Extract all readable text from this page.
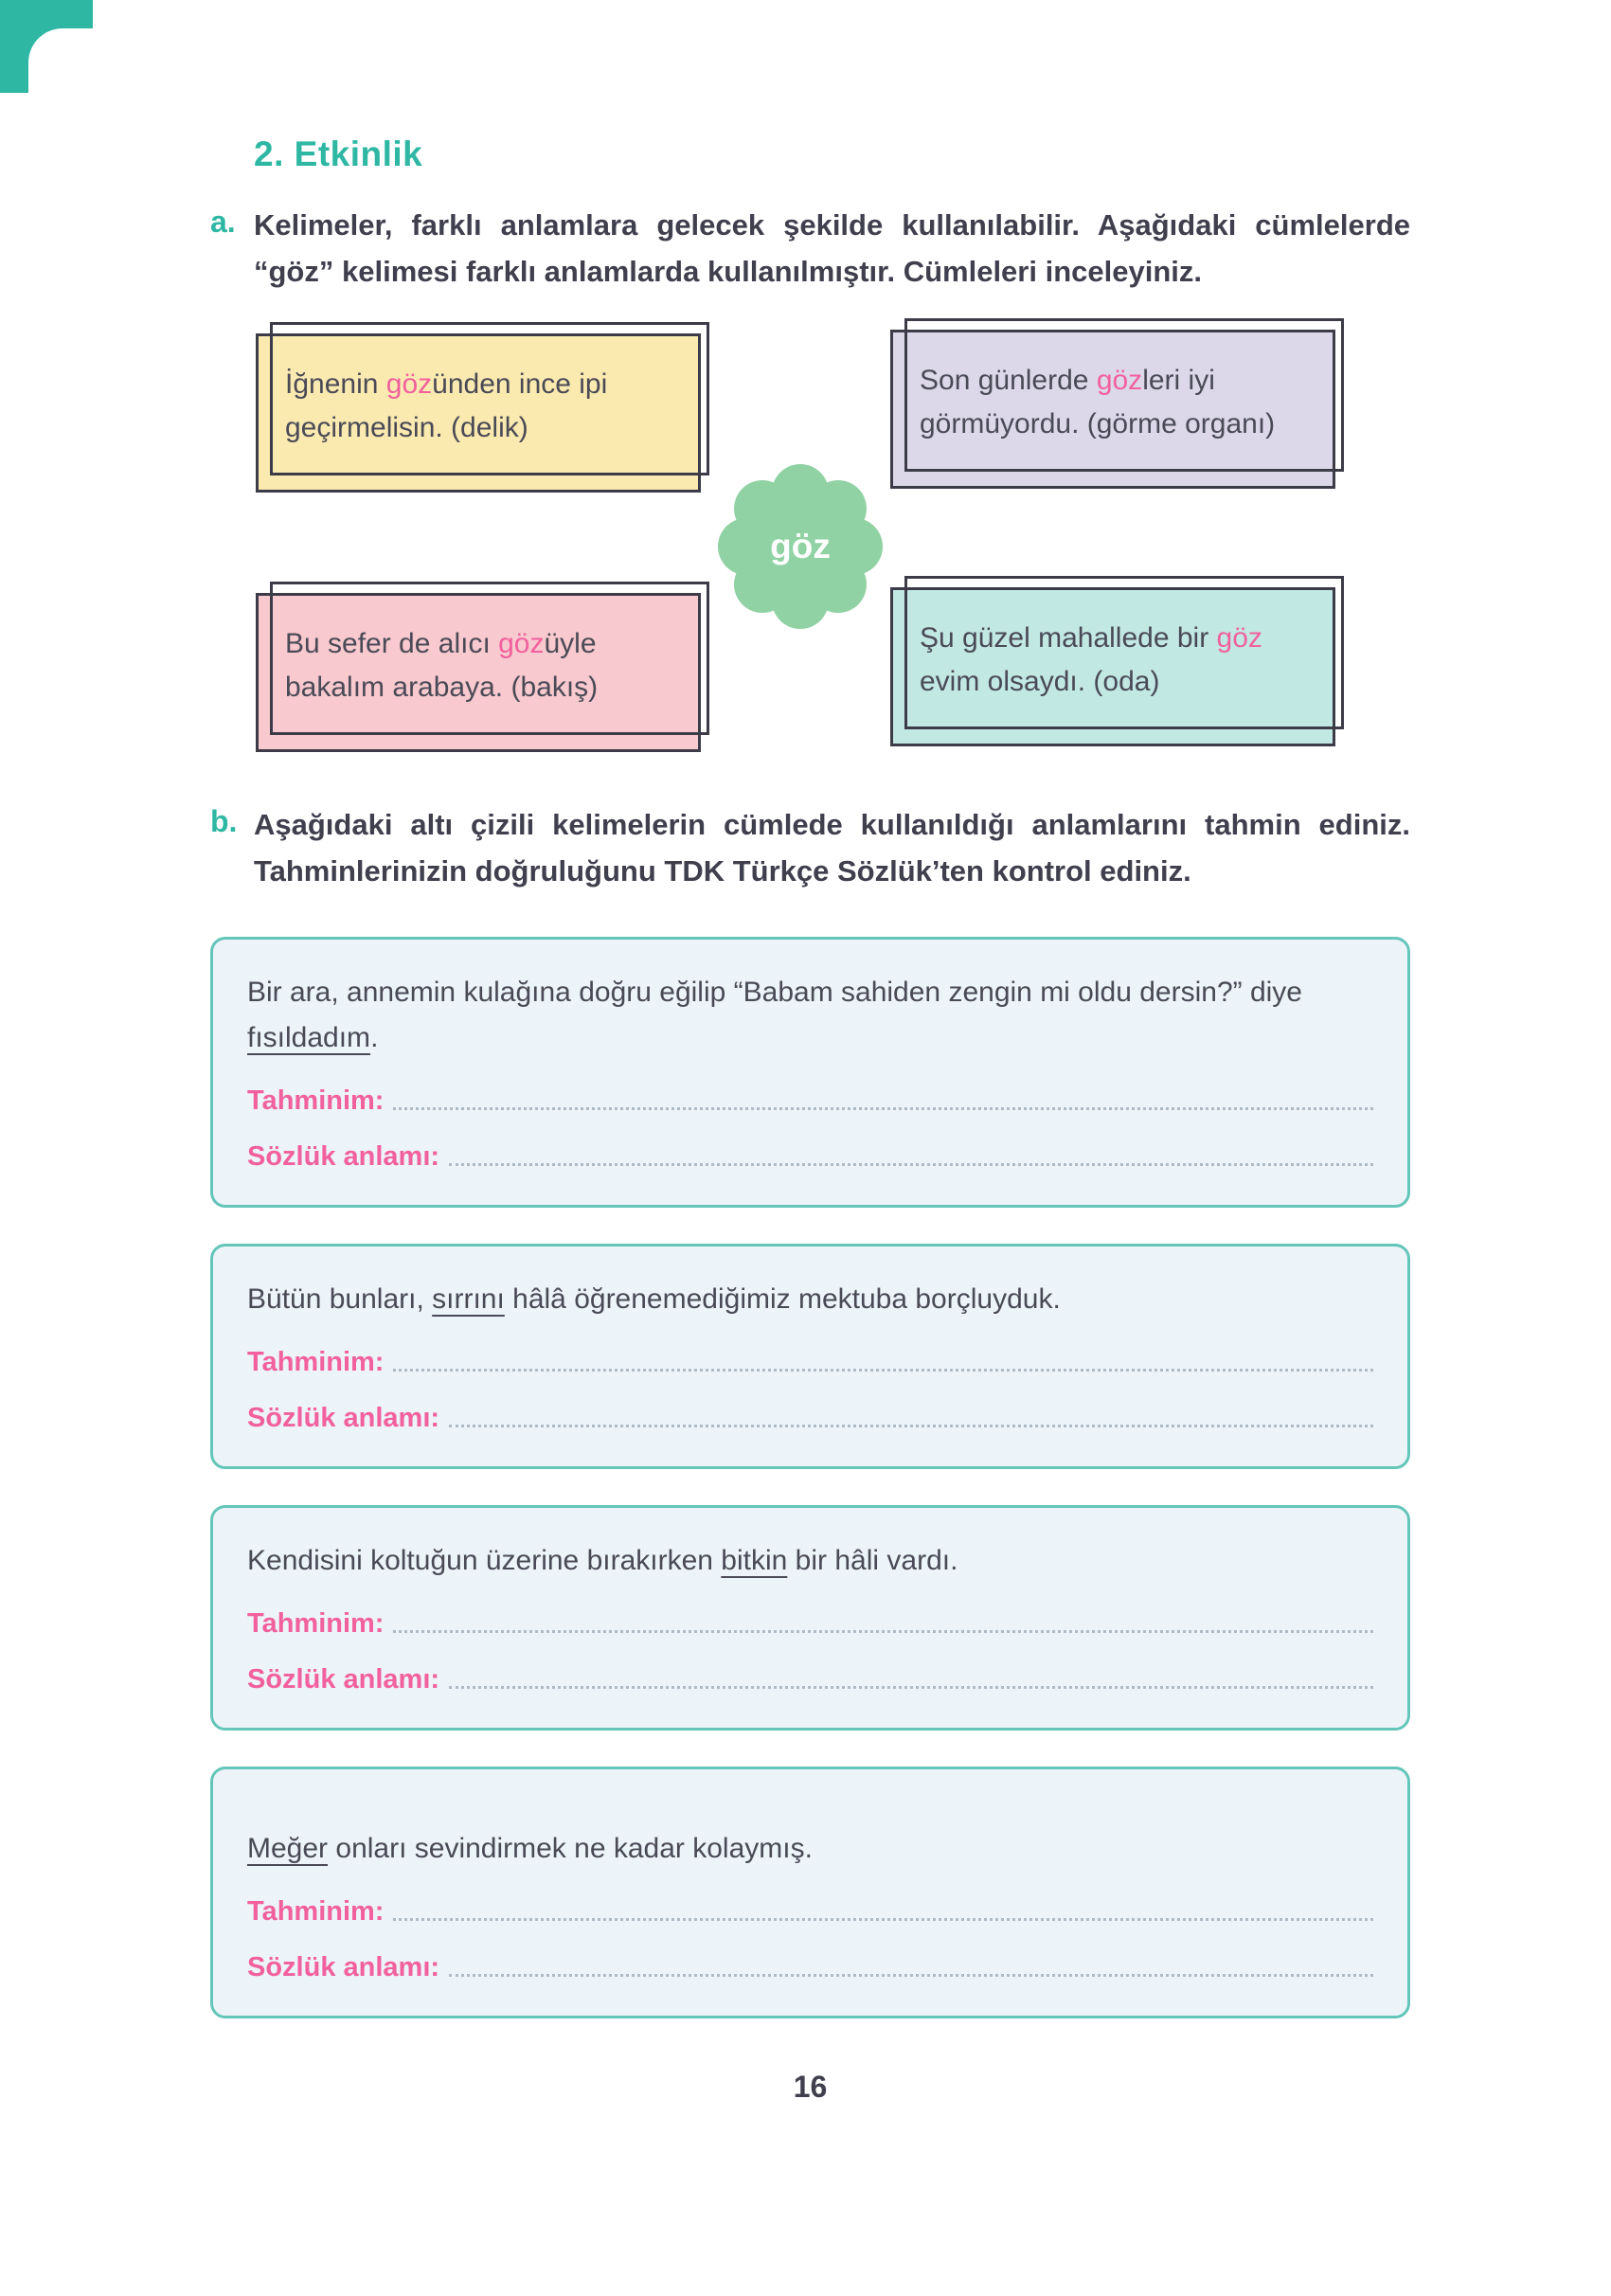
2. Etkinlik
a. Kelimeler, farklı anlamlara gelecek şekilde kullanılabilir. Aşağıdaki cümlelerde “göz” kelimesi farklı anlamlarda kullanılmıştır. Cümleleri inceleyiniz.

İğnenin gözünden ince ipi geçirmelisin. (delik)

Son günlerde gözleri iyi görmüyordu. (görme organı)

Bu sefer de alıcı gözüyle bakalım arabaya. (bakış)

Şu güzel mahallede bir göz evim olsaydı. (oda)

göz
b. Aşağıdaki altı çizili kelimelerin cümlede kullanıldığı anlamlarını tahmin ediniz. Tahminlerinizin doğruluğunu TDK Türkçe Sözlük’ten kontrol ediniz.

Bir ara, annemin kulağına doğru eğilip “Babam sahiden zengin mi oldu dersin?” diye fısıldadım.

Tahminim:
Sözlük anlamı:

Bütün bunları, sırrını hâlâ öğrenemediğimiz mektuba borçluyduk.

Tahminim:
Sözlük anlamı:

Kendisini koltuğun üzerine bırakırken bitkin bir hâli vardı.

Tahminim:
Sözlük anlamı:

Meğer onları sevindirmek ne kadar kolaymış.

Tahminim:
Sözlük anlamı:
16
